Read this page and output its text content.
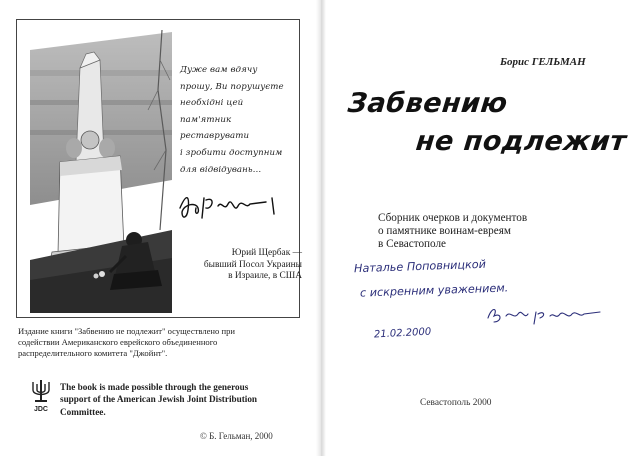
Дуже вам вдячу
прошу, Ви порушуєте
необхідні цей
пам'ятник
реставрувати
і зробити доступним
для відвідувань…
Юрий Щербак —
бывший Посол Украины
в Израиле, в США
Издание книги "Забвению не подлежит" осуществлено при
содействии Американского еврейского объединенного
распределительного комитета "Джойнт".
JDC
The book is made possible through the generous
support of the American Jewish Joint Distribution
Committee.
© Б. Гельман, 2000
Борис ГЕЛЬМАН
Забвению
не подлежит
Сборник очерков и документов
о памятнике воинам-евреям
в Севастополе
Наталье Поповницкой
с искренним уважением.
21.02.2000
Севастополь 2000
